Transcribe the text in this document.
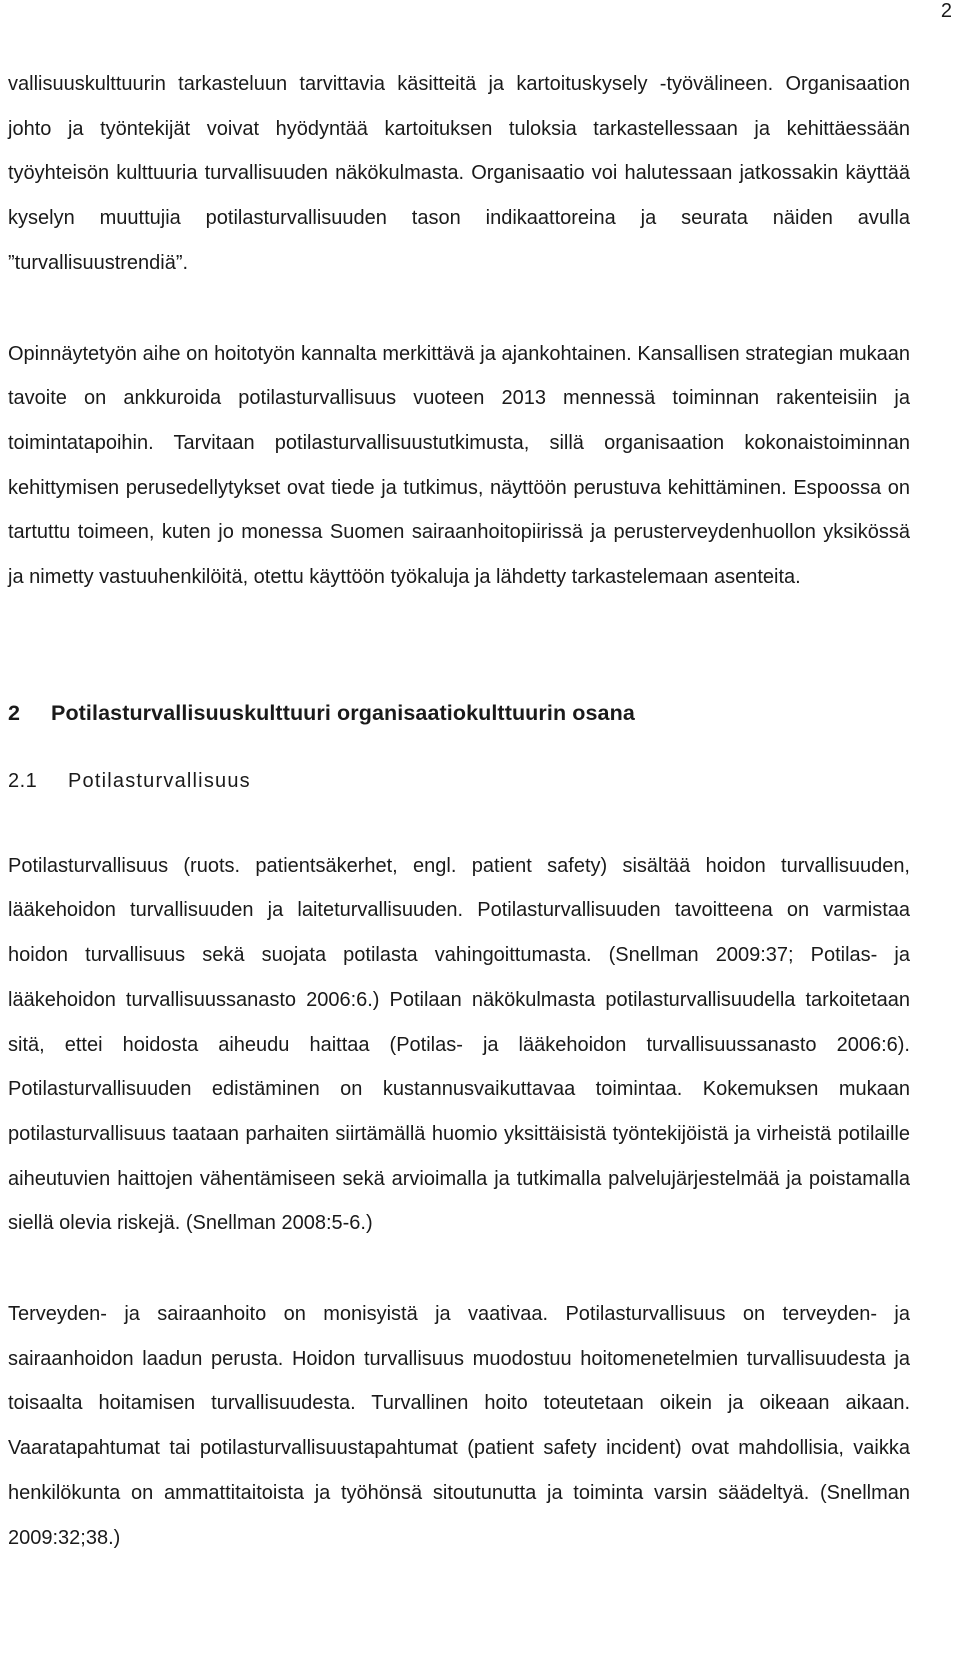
2

vallisuuskulttuurin tarkasteluun tarvittavia käsitteitä ja kartoituskysely -työvälineen. Organisaation johto ja työntekijät voivat hyödyntää kartoituksen tuloksia tarkastellessaan ja kehittäessään työyhteisön kulttuuria turvallisuuden näkökulmasta. Organisaatio voi halutessaan jatkossakin käyttää kyselyn muuttujia potilasturvallisuuden tason indikaattoreina ja seurata näiden avulla ”turvallisuustrendiä”.

Opinnäytetyön aihe on hoitotyön kannalta merkittävä ja ajankohtainen. Kansallisen strategian mukaan tavoite on ankkuroida potilasturvallisuus vuoteen 2013 mennessä toiminnan rakenteisiin ja toimintatapoihin. Tarvitaan potilasturvallisuustutkimusta, sillä organisaation kokonaistoiminnan kehittymisen perusedellytykset ovat tiede ja tutkimus, näyttöön perustuva kehittäminen. Espoossa on tartuttu toimeen, kuten jo monessa Suomen sairaanhoitopiirissä ja perusterveydenhuollon yksikössä ja nimetty vastuuhenkilöitä, otettu käyttöön työkaluja ja lähdetty tarkastelemaan asenteita.

2 Potilasturvallisuuskulttuuri organisaatiokulttuurin osana
2.1 Potilasturvallisuus

Potilasturvallisuus (ruots. patientsäkerhet, engl. patient safety) sisältää hoidon turvallisuuden, lääkehoidon turvallisuuden ja laiteturvallisuuden. Potilasturvallisuuden tavoitteena on varmistaa hoidon turvallisuus sekä suojata potilasta vahingoittumasta. (Snellman 2009:37; Potilas- ja lääkehoidon turvallisuussanasto 2006:6.) Potilaan näkökulmasta potilasturvallisuudella tarkoitetaan sitä, ettei hoidosta aiheudu haittaa (Potilas- ja lääkehoidon turvallisuussanasto 2006:6). Potilasturvallisuuden edistäminen on kustannusvaikuttavaa toimintaa. Kokemuksen mukaan potilasturvallisuus taataan parhaiten siirtämällä huomio yksittäisistä työntekijöistä ja virheistä potilaille aiheutuvien haittojen vähentämiseen sekä arvioimalla ja tutkimalla palvelujärjestelmää ja poistamalla siellä olevia riskejä. (Snellman 2008:5-6.)

Terveyden- ja sairaanhoito on monisyistä ja vaativaa. Potilasturvallisuus on terveyden- ja sairaanhoidon laadun perusta. Hoidon turvallisuus muodostuu hoitomenetelmien turvallisuudesta ja toisaalta hoitamisen turvallisuudesta. Turvallinen hoito toteutetaan oikein ja oikeaan aikaan. Vaaratapahtumat tai potilasturvallisuustapahtumat (patient safety incident) ovat mahdollisia, vaikka henkilökunta on ammattitaitoista ja työhönsä sitoutunutta ja toiminta varsin säädeltyä. (Snellman 2009:32;38.)
